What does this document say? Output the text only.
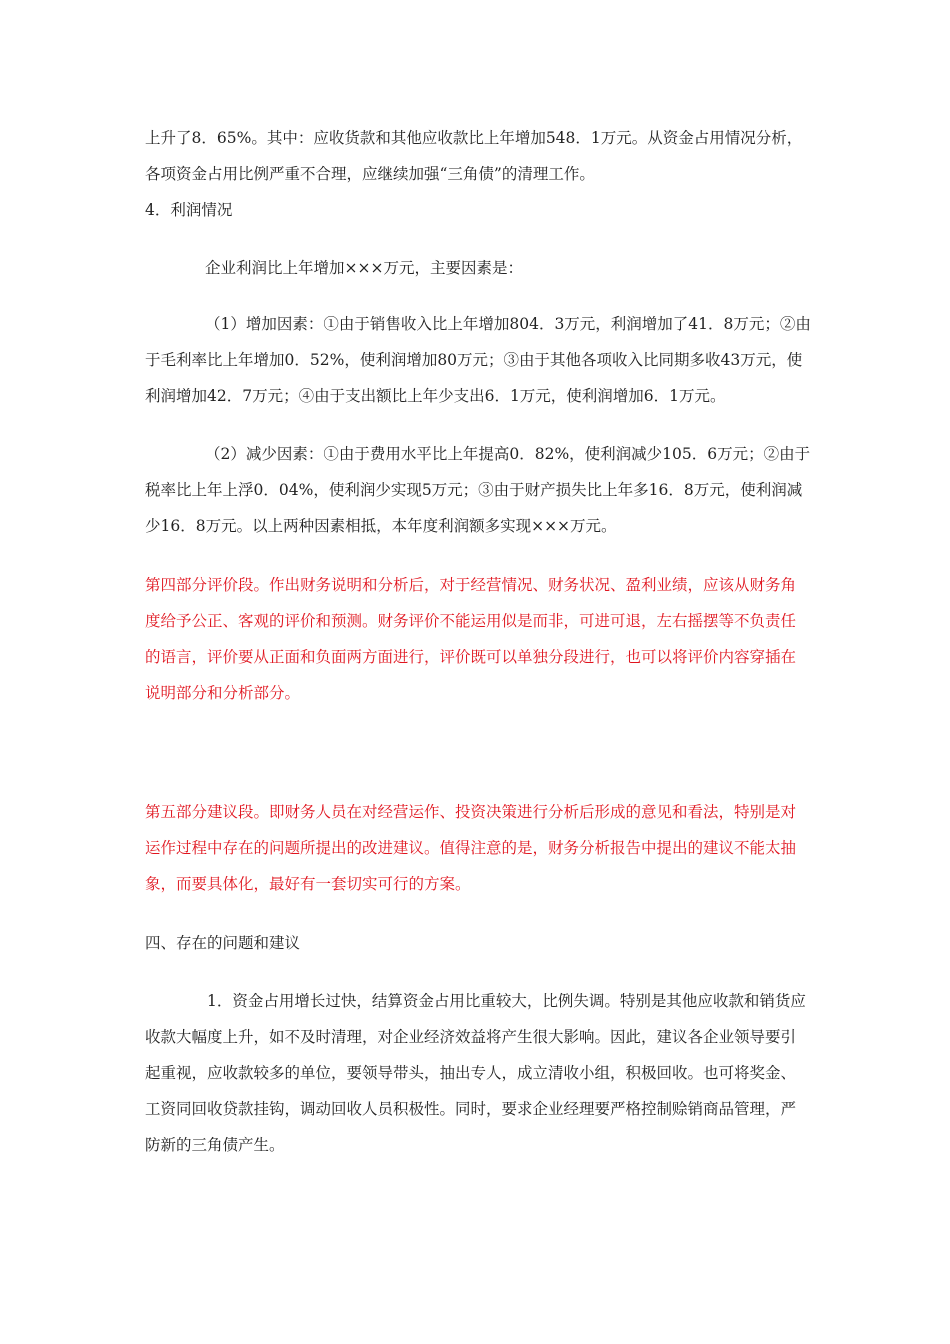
上升了8．65%。其中：应收货款和其他应收款比上年增加548．1万元。从资金占用情况分析，
各项资金占用比例严重不合理，应继续加强“三角债”的清理工作。
4．利润情况
企业利润比上年增加×××万元，主要因素是：
（1）增加因素：①由于销售收入比上年增加804．3万元，利润增加了41．8万元；②由
于毛利率比上年增加0．52%，使利润增加80万元；③由于其他各项收入比同期多收43万元，使
利润增加42．7万元；④由于支出额比上年少支出6．1万元，使利润增加6．1万元。
（2）减少因素：①由于费用水平比上年提高0．82%，使利润减少105．6万元；②由于
税率比上年上浮0．04%，使利润少实现5万元；③由于财产损失比上年多16．8万元，使利润减
少16．8万元。以上两种因素相抵，本年度利润额多实现×××万元。
第四部分评价段。作出财务说明和分析后，对于经营情况、财务状况、盈利业绩，应该从财务角
度给予公正、客观的评价和预测。财务评价不能运用似是而非，可进可退，左右摇摆等不负责任
的语言，评价要从正面和负面两方面进行，评价既可以单独分段进行，也可以将评价内容穿插在
说明部分和分析部分。
第五部分建议段。即财务人员在对经营运作、投资决策进行分析后形成的意见和看法，特别是对
运作过程中存在的问题所提出的改进建议。值得注意的是，财务分析报告中提出的建议不能太抽
象，而要具体化，最好有一套切实可行的方案。
四、存在的问题和建议
1．资金占用增长过快，结算资金占用比重较大，比例失调。特别是其他应收款和销货应
收款大幅度上升，如不及时清理，对企业经济效益将产生很大影响。因此，建议各企业领导要引
起重视，应收款较多的单位，要领导带头，抽出专人，成立清收小组，积极回收。也可将奖金、
工资同回收贷款挂钩，调动回收人员积极性。同时，要求企业经理要严格控制赊销商品管理，严
防新的三角债产生。
